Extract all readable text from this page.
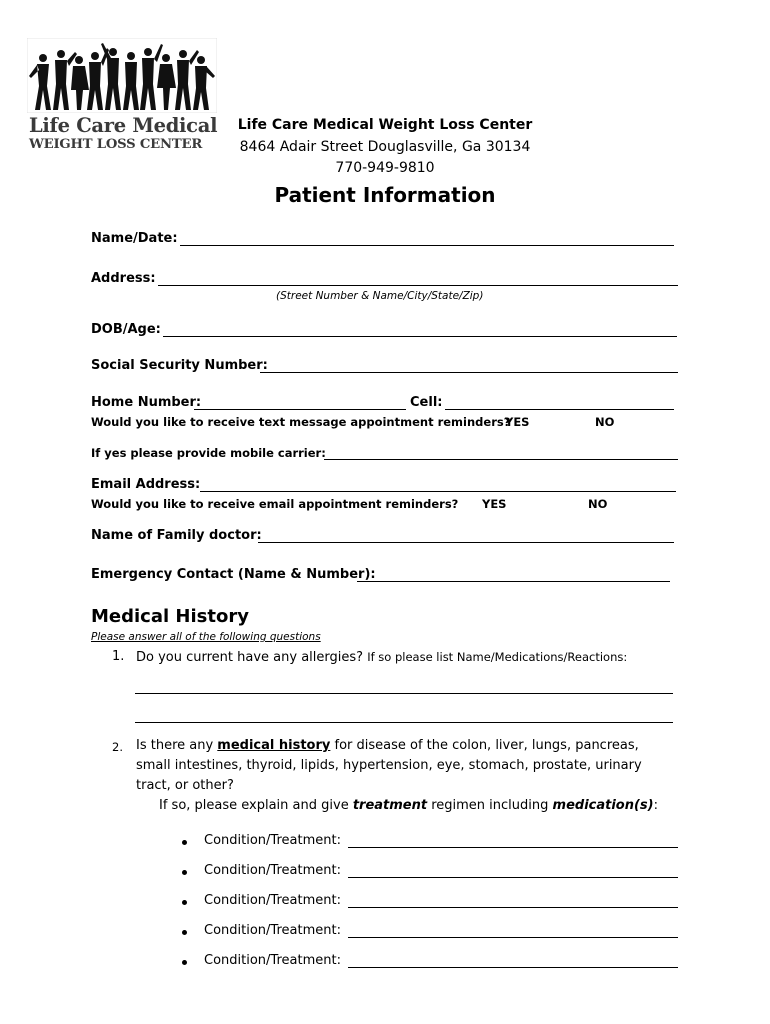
Life Care Medical
WEIGHT LOSS CENTER
Life Care Medical Weight Loss Center
8464 Adair Street Douglasville, Ga 30134
770-949-9810
Patient Information
Name/Date:
Address:
(Street Number & Name/City/State/Zip)
DOB/Age:
Social Security Number:
Home Number:	Cell:
Would you like to receive text message appointment reminders?
YES	NO
If yes please provide mobile carrier:
Email Address:
Would you like to receive email appointment reminders? YES	NO
Name of Family doctor:
Emergency Contact (Name & Number):
Medical History
Please answer all of the following questions
1. Do you current have any allergies? If so please list Name/Medications/Reactions:
2. Is there any medical history for disease of the colon, liver, lungs, pancreas, small intestines, thyroid, lipids, hypertension, eye, stomach, prostate, urinary tract, or other?
If so, please explain and give treatment regimen including medication(s):
Condition/Treatment:
Condition/Treatment:
Condition/Treatment:
Condition/Treatment:
Condition/Treatment:
